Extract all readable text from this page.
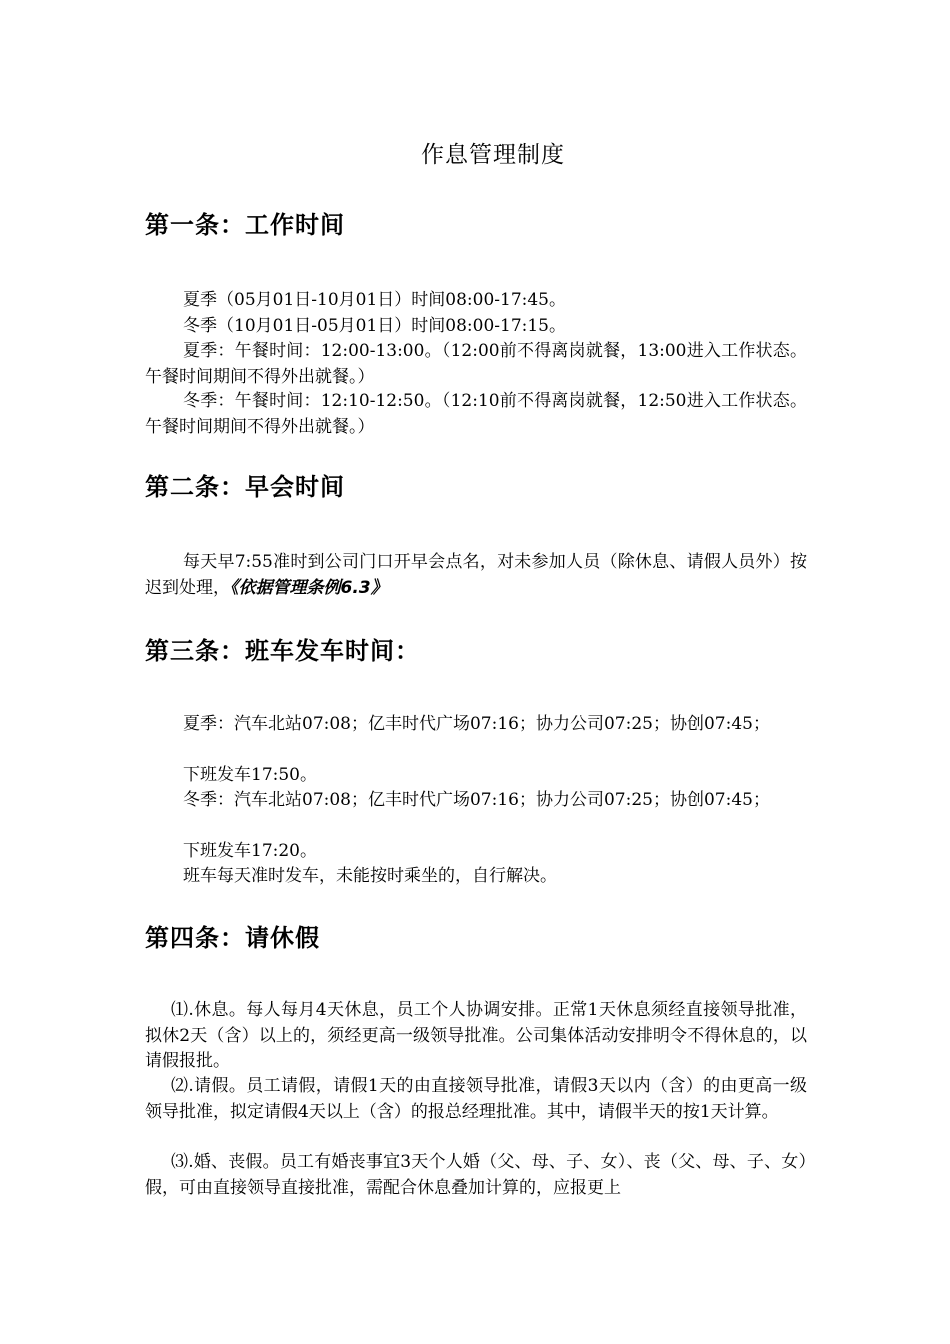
作息管理制度
第一条：工作时间
夏季（05月01日-10月01日）时间08:00-17:45。
冬季（10月01日-05月01日）时间08:00-17:15。
夏季：午餐时间：12:00-13:00。（12:00前不得离岗就餐，13:00进入工作状态。午餐时间期间不得外出就餐。）
冬季：午餐时间：12:10-12:50。（12:10前不得离岗就餐，12:50进入工作状态。午餐时间期间不得外出就餐。）
第二条：早会时间
每天早7:55准时到公司门口开早会点名，对未参加人员（除休息、请假人员外）按迟到处理，《依据管理条例6.3》
第三条：班车发车时间：
夏季：汽车北站07:08；亿丰时代广场07:16；协力公司07:25；协创07:45；
下班发车17:50。
冬季：汽车北站07:08；亿丰时代广场07:16；协力公司07:25；协创07:45；
下班发车17:20。
班车每天准时发车，未能按时乘坐的，自行解决。
第四条：请休假
⑴.休息。每人每月4天休息，员工个人协调安排。正常1天休息须经直接领导批准，拟休2天（含）以上的，须经更高一级领导批准。公司集体活动安排明令不得休息的，以请假报批。
⑵.请假。员工请假，请假1天的由直接领导批准，请假3天以内（含）的由更高一级领导批准，拟定请假4天以上（含）的报总经理批准。其中，请假半天的按1天计算。
⑶.婚、丧假。员工有婚丧事宜3天个人婚（父、母、子、女）、丧（父、母、子、女）假，可由直接领导直接批准，需配合休息叠加计算的，应报更上
